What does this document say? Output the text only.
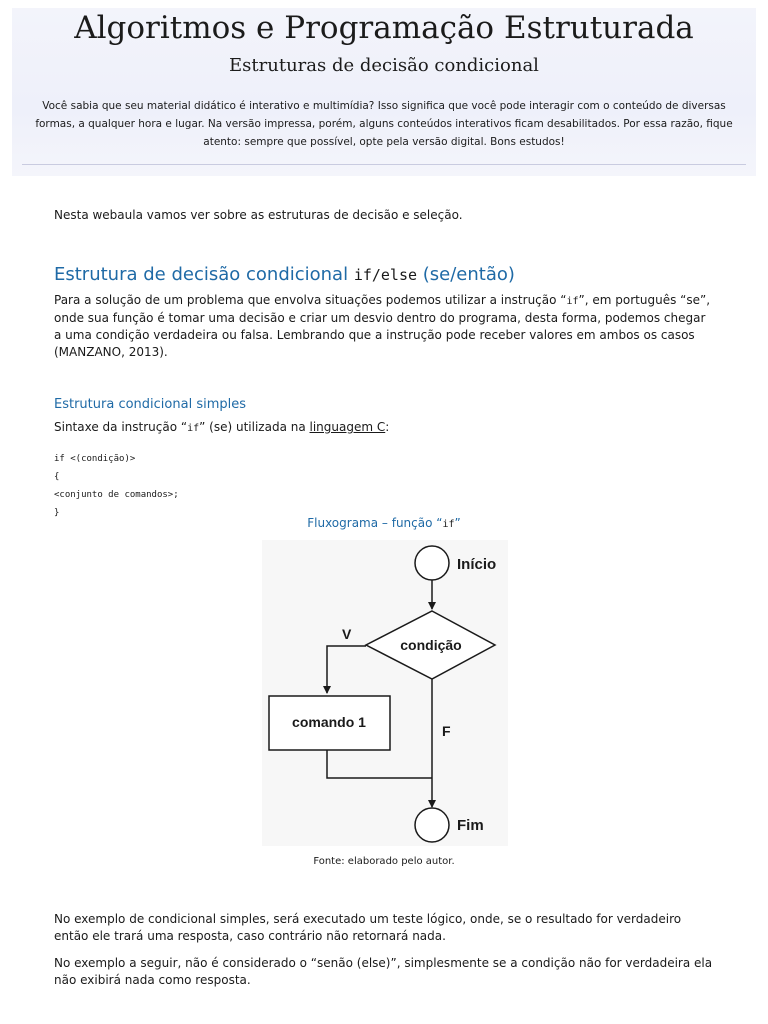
Algoritmos e Programação Estruturada
Estruturas de decisão condicional

Você sabia que seu material didático é interativo e multimídia? Isso significa que você pode interagir com o conteúdo de diversas formas, a qualquer hora e lugar. Na versão impressa, porém, alguns conteúdos interativos ficam desabilitados. Por essa razão, fique atento: sempre que possível, opte pela versão digital. Bons estudos!

Nesta webaula vamos ver sobre as estruturas de decisão e seleção.

Estrutura de decisão condicional if/else (se/então)

Para a solução de um problema que envolva situações podemos utilizar a instrução “if”, em português “se”, onde sua função é tomar uma decisão e criar um desvio dentro do programa, desta forma, podemos chegar a uma condição verdadeira ou falsa. Lembrando que a instrução pode receber valores em ambos os casos (MANZANO, 2013).

Estrutura condicional simples

Sintaxe da instrução “if” (se) utilizada na linguagem C:

if <(condição)>
{
<conjunto de comandos>;
}

Fluxograma – função “if”

Início
condição
V
comando 1
F
Fim

Fonte: elaborado pelo autor.

No exemplo de condicional simples, será executado um teste lógico, onde, se o resultado for verdadeiro então ele trará uma resposta, caso contrário não retornará nada.

No exemplo a seguir, não é considerado o “senão (else)”, simplesmente se a condição não for verdadeira ela não exibirá nada como resposta.
